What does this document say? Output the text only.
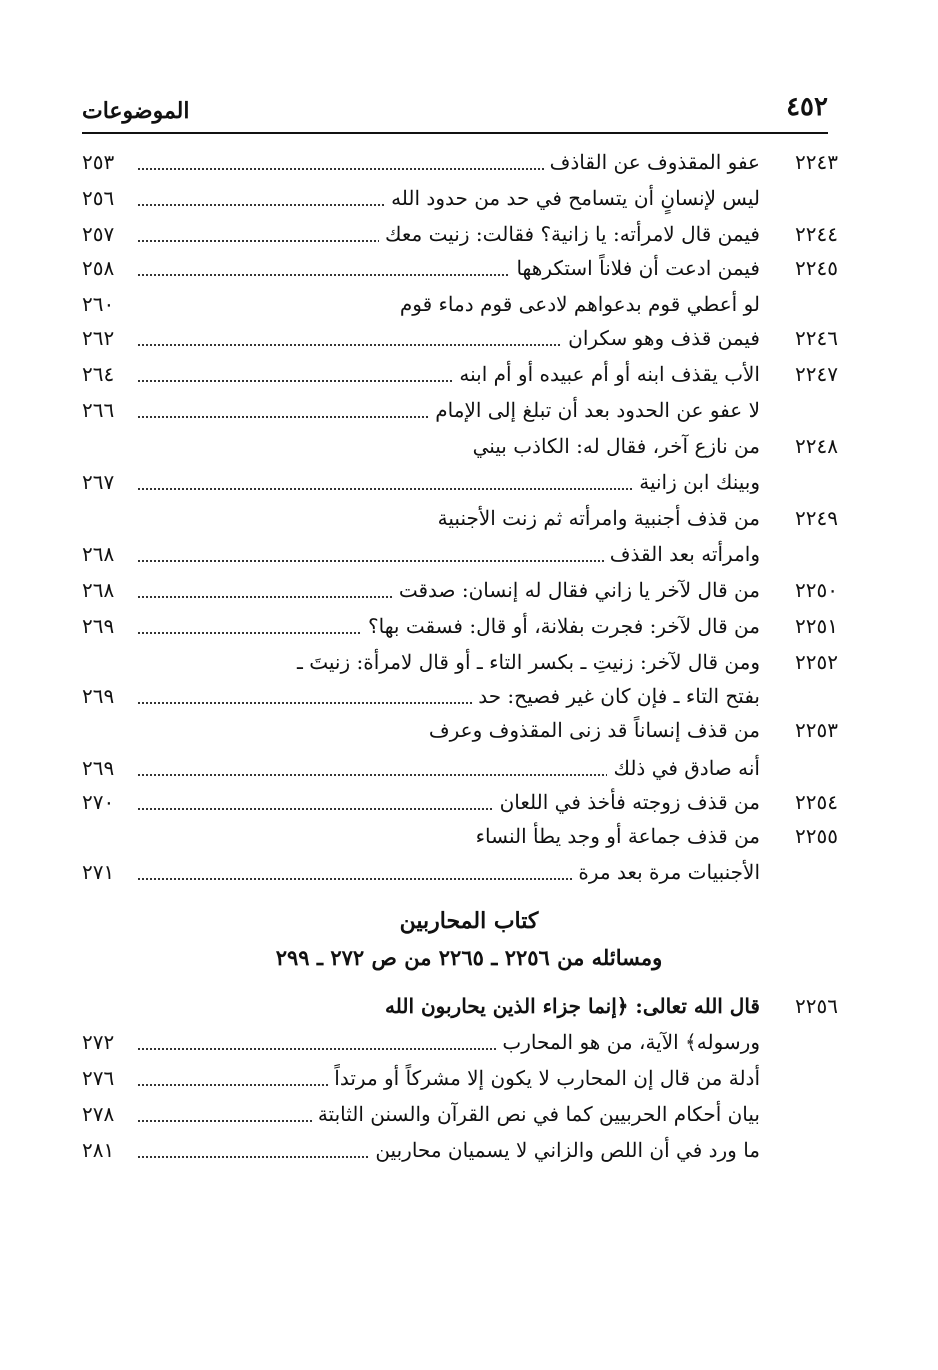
٤٥٢
الموضوعات
٢٢٤٣
عفو المقذوف عن القاذف
٢٥٣
ليس لإنسانٍ أن يتسامح في حد من حدود الله
٢٥٦
٢٢٤٤
فيمن قال لامرأته: يا زانية؟ فقالت: زنيت معك
٢٥٧
٢٢٤٥
فيمن ادعت أن فلاناً استكرهها
٢٥٨
لو أعطي قوم بدعواهم لادعى قوم دماء قوم
٢٦٠
٢٢٤٦
فيمن قذف وهو سكران
٢٦٢
٢٢٤٧
الأب يقذف ابنه أو أم عبيده أو أم ابنه
٢٦٤
لا عفو عن الحدود بعد أن تبلغ إلى الإمام
٢٦٦
٢٢٤٨
من نازع آخر، فقال له: الكاذب بيني
وبينك ابن زانية
٢٦٧
٢٢٤٩
من قذف أجنبية وامرأته ثم زنت الأجنبية
وامرأته بعد القذف
٢٦٨
٢٢٥٠
من قال لآخر يا زاني فقال له إنسان: صدقت
٢٦٨
٢٢٥١
من قال لآخر: فجرت بفلانة، أو قال: فسقت بها؟
٢٦٩
٢٢٥٢
ومن قال لآخر: زنيتِ ـ بكسر التاء ـ أو قال لامرأة: زنيتَ ـ
بفتح التاء ـ فإن كان غير فصيح: حد
٢٦٩
٢٢٥٣
من قذف إنساناً قد زنى المقذوف وعرف
أنه صادق في ذلك
٢٦٩
٢٢٥٤
من قذف زوجته فأخذ في اللعان
٢٧٠
٢٢٥٥
من قذف جماعة أو وجد يطأ النساء
الأجنبيات مرة بعد مرة
٢٧١
كتاب المحاربين
ومسائله من ٢٢٥٦ ـ ٢٢٦٥ من ص ٢٧٢ ـ ٢٩٩
٢٢٥٦
قال الله تعالى: ﴿إنما جزاء الذين يحاربون الله
ورسوله﴾ الآية، من هو المحارب
٢٧٢
أدلة من قال إن المحارب لا يكون إلا مشركاً أو مرتداً
٢٧٦
بيان أحكام الحربيين كما في نص القرآن والسنن الثابتة
٢٧٨
ما ورد في أن اللص والزاني لا يسميان محاربين
٢٨١
